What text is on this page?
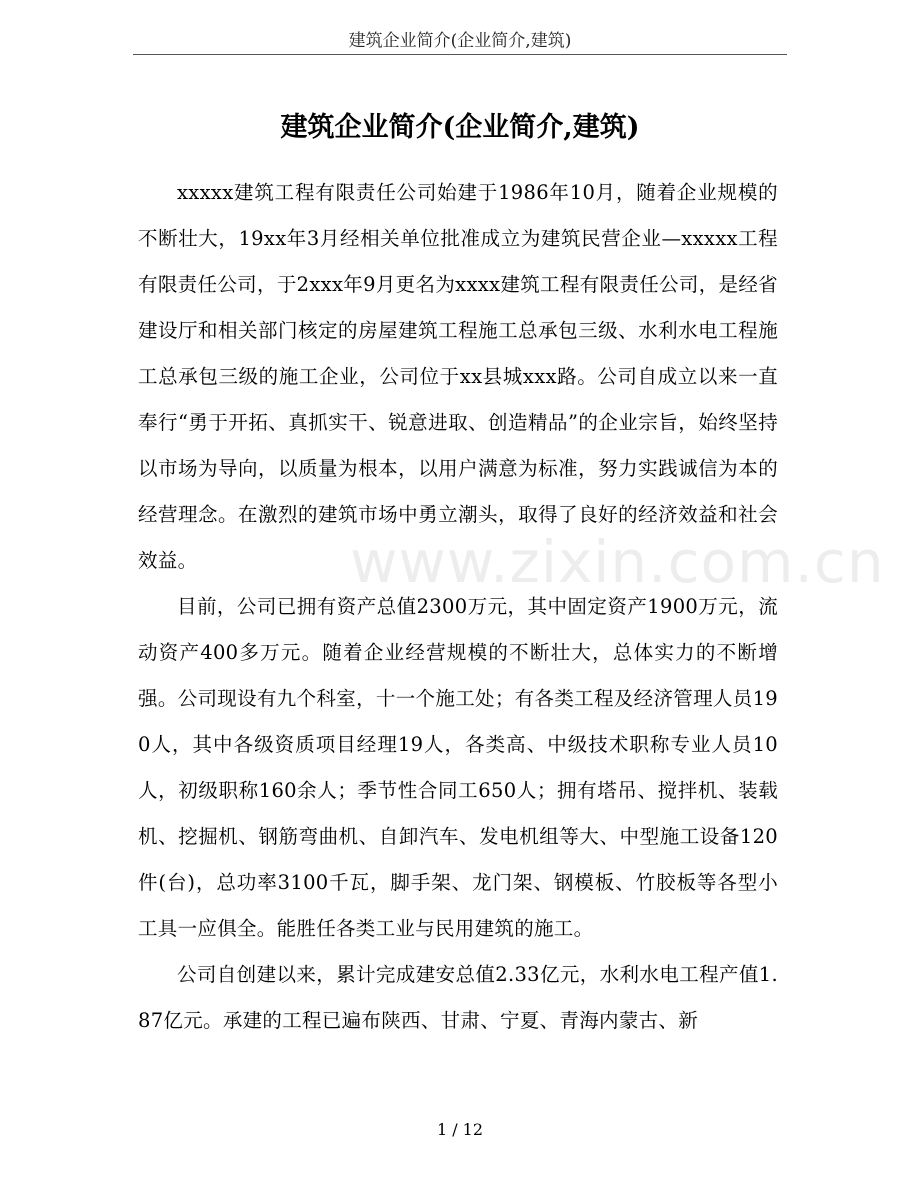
建筑企业简介(企业简介,建筑)
建筑企业简介(企业简介,建筑)

xxxxx建筑工程有限责任公司始建于1986年10月，随着企业规模的不断壮大，19xx年3月经相关单位批准成立为建筑民营企业—xxxxx工程有限责任公司，于2xxx年9月更名为xxxx建筑工程有限责任公司，是经省建设厅和相关部门核定的房屋建筑工程施工总承包三级、水利水电工程施工总承包三级的施工企业，公司位于xx县城xxx路。公司自成立以来一直奉行“勇于开拓、真抓实干、锐意进取、创造精品”的企业宗旨，始终坚持以市场为导向，以质量为根本，以用户满意为标准，努力实践诚信为本的经营理念。在激烈的建筑市场中勇立潮头，取得了良好的经济效益和社会效益。

目前，公司已拥有资产总值2300万元，其中固定资产1900万元，流动资产400多万元。随着企业经营规模的不断壮大，总体实力的不断增强。公司现设有九个科室，十一个施工处；有各类工程及经济管理人员190人，其中各级资质项目经理19人，各类高、中级技术职称专业人员10人，初级职称160余人；季节性合同工650人；拥有塔吊、搅拌机、装载机、挖掘机、钢筋弯曲机、自卸汽车、发电机组等大、中型施工设备120件(台)，总功率3100千瓦，脚手架、龙门架、钢模板、竹胶板等各型小工具一应俱全。能胜任各类工业与民用建筑的施工。

公司自创建以来，累计完成建安总值2.33亿元，水利水电工程产值1.87亿元。承建的工程已遍布陕西、甘肃、宁夏、青海内蒙古、新

www.zixin.com.cn
1 / 12
